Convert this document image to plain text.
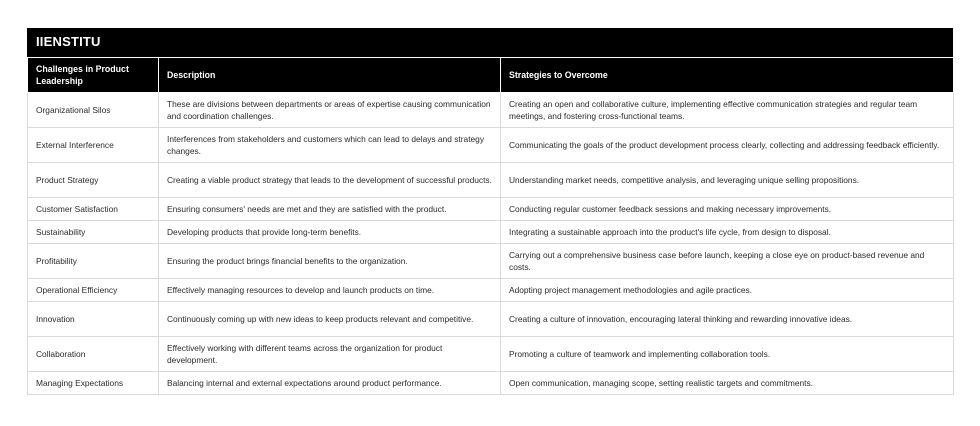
IIENSTITU
Challenges in Product Leadership	Description	Strategies to Overcome
Organizational Silos	These are divisions between departments or areas of expertise causing communication and coordination challenges.	Creating an open and collaborative culture, implementing effective communication strategies and regular team meetings, and fostering cross-functional teams.
External Interference	Interferences from stakeholders and customers which can lead to delays and strategy changes.	Communicating the goals of the product development process clearly, collecting and addressing feedback efficiently.
Product Strategy	Creating a viable product strategy that leads to the development of successful products.	Understanding market needs, competitive analysis, and leveraging unique selling propositions.
Customer Satisfaction	Ensuring consumers' needs are met and they are satisfied with the product.	Conducting regular customer feedback sessions and making necessary improvements.
Sustainability	Developing products that provide long-term benefits.	Integrating a sustainable approach into the product's life cycle, from design to disposal.
Profitability	Ensuring the product brings financial benefits to the organization.	Carrying out a comprehensive business case before launch, keeping a close eye on product-based revenue and costs.
Operational Efficiency	Effectively managing resources to develop and launch products on time.	Adopting project management methodologies and agile practices.
Innovation	Continuously coming up with new ideas to keep products relevant and competitive.	Creating a culture of innovation, encouraging lateral thinking and rewarding innovative ideas.
Collaboration	Effectively working with different teams across the organization for product development.	Promoting a culture of teamwork and implementing collaboration tools.
Managing Expectations	Balancing internal and external expectations around product performance.	Open communication, managing scope, setting realistic targets and commitments.
